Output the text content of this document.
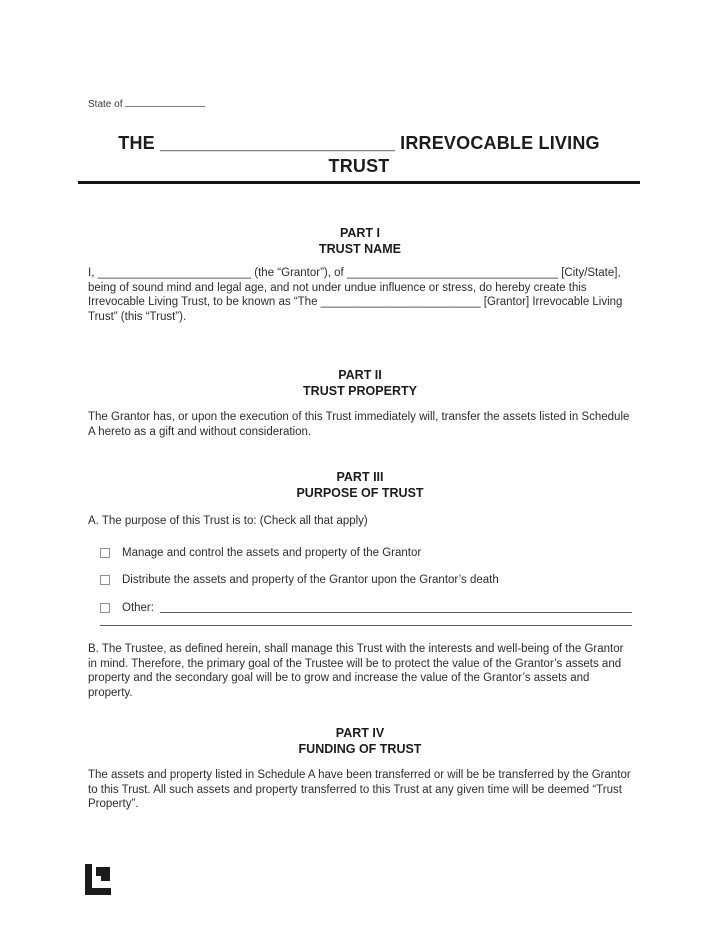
State of
THE _______________________ IRREVOCABLE LIVING
TRUST
PART I
TRUST NAME
I, ________________________ (the “Grantor”), of _________________________________ [City/State], being of sound mind and legal age, and not under undue influence or stress, do hereby create this Irrevocable Living Trust, to be known as “The _________________________ [Grantor] Irrevocable Living Trust” (this “Trust”).
PART II
TRUST PROPERTY
The Grantor has, or upon the execution of this Trust immediately will, transfer the assets listed in Schedule A hereto as a gift and without consideration.
PART III
PURPOSE OF TRUST
A. The purpose of this Trust is to: (Check all that apply)
Manage and control the assets and property of the Grantor
Distribute the assets and property of the Grantor upon the Grantor’s death
Other:
B. The Trustee, as defined herein, shall manage this Trust with the interests and well-being of the Grantor in mind. Therefore, the primary goal of the Trustee will be to protect the value of the Grantor’s assets and property and the secondary goal will be to grow and increase the value of the Grantor’s assets and property.
PART IV
FUNDING OF TRUST
The assets and property listed in Schedule A have been transferred or will be be transferred by the Grantor to this Trust. All such assets and property transferred to this Trust at any given time will be deemed “Trust Property”.
